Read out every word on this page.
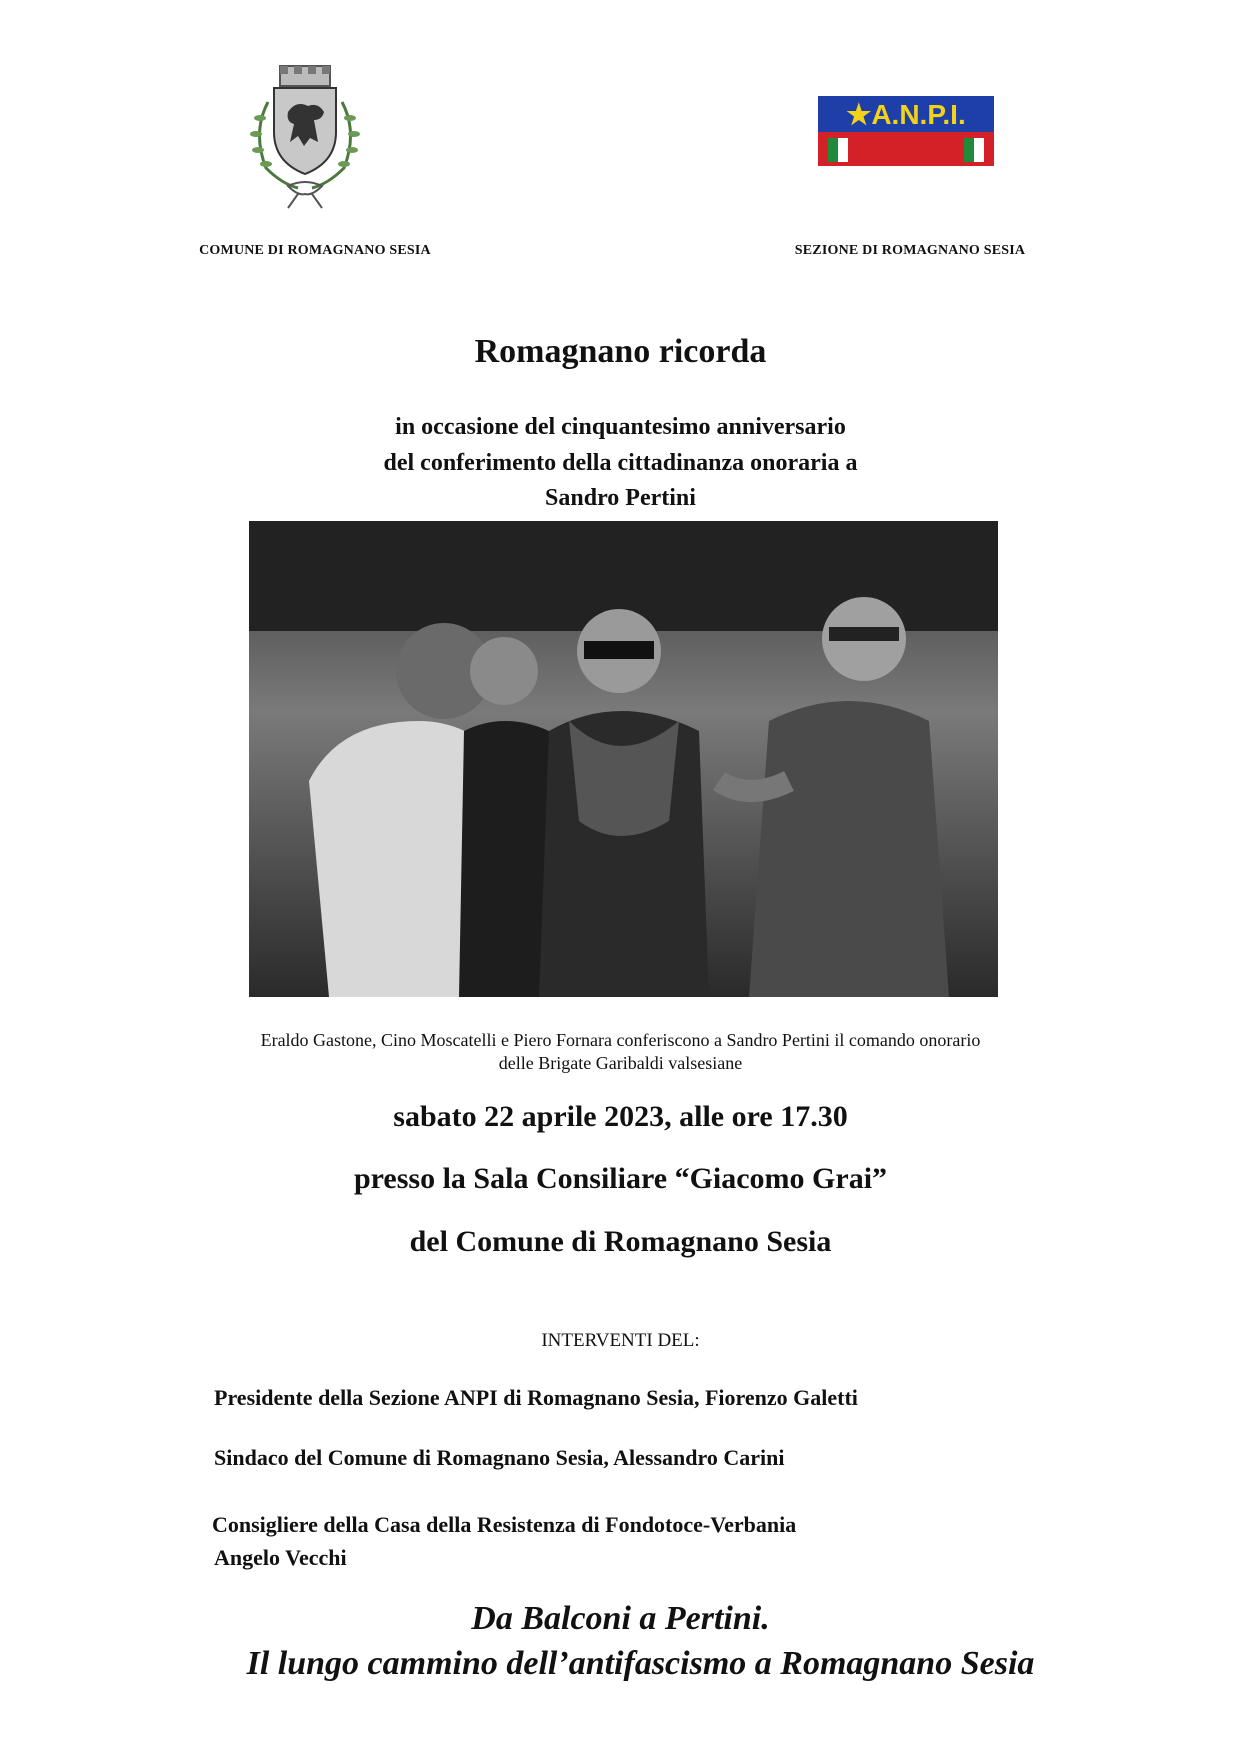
★A.N.P.I.
COMUNE DI ROMAGNANO SESIA	SEZIONE DI ROMAGNANO SESIA
Romagnano ricorda
in occasione del cinquantesimo anniversario
del conferimento della cittadinanza onoraria a
Sandro Pertini
Eraldo Gastone, Cino Moscatelli e Piero Fornara conferiscono a Sandro Pertini il comando onorario
delle Brigate Garibaldi valsesiane
sabato 22 aprile 2023, alle ore 17.30
presso la Sala Consiliare “Giacomo Grai”
del Comune di Romagnano Sesia
INTERVENTI DEL:
Presidente della Sezione ANPI di Romagnano Sesia, Fiorenzo Galetti
Sindaco del Comune di Romagnano Sesia, Alessandro Carini
Consigliere della Casa della Resistenza di Fondotoce-Verbania
Angelo Vecchi
Da Balconi a Pertini.
Il lungo cammino dell’antifascismo a Romagnano Sesia
